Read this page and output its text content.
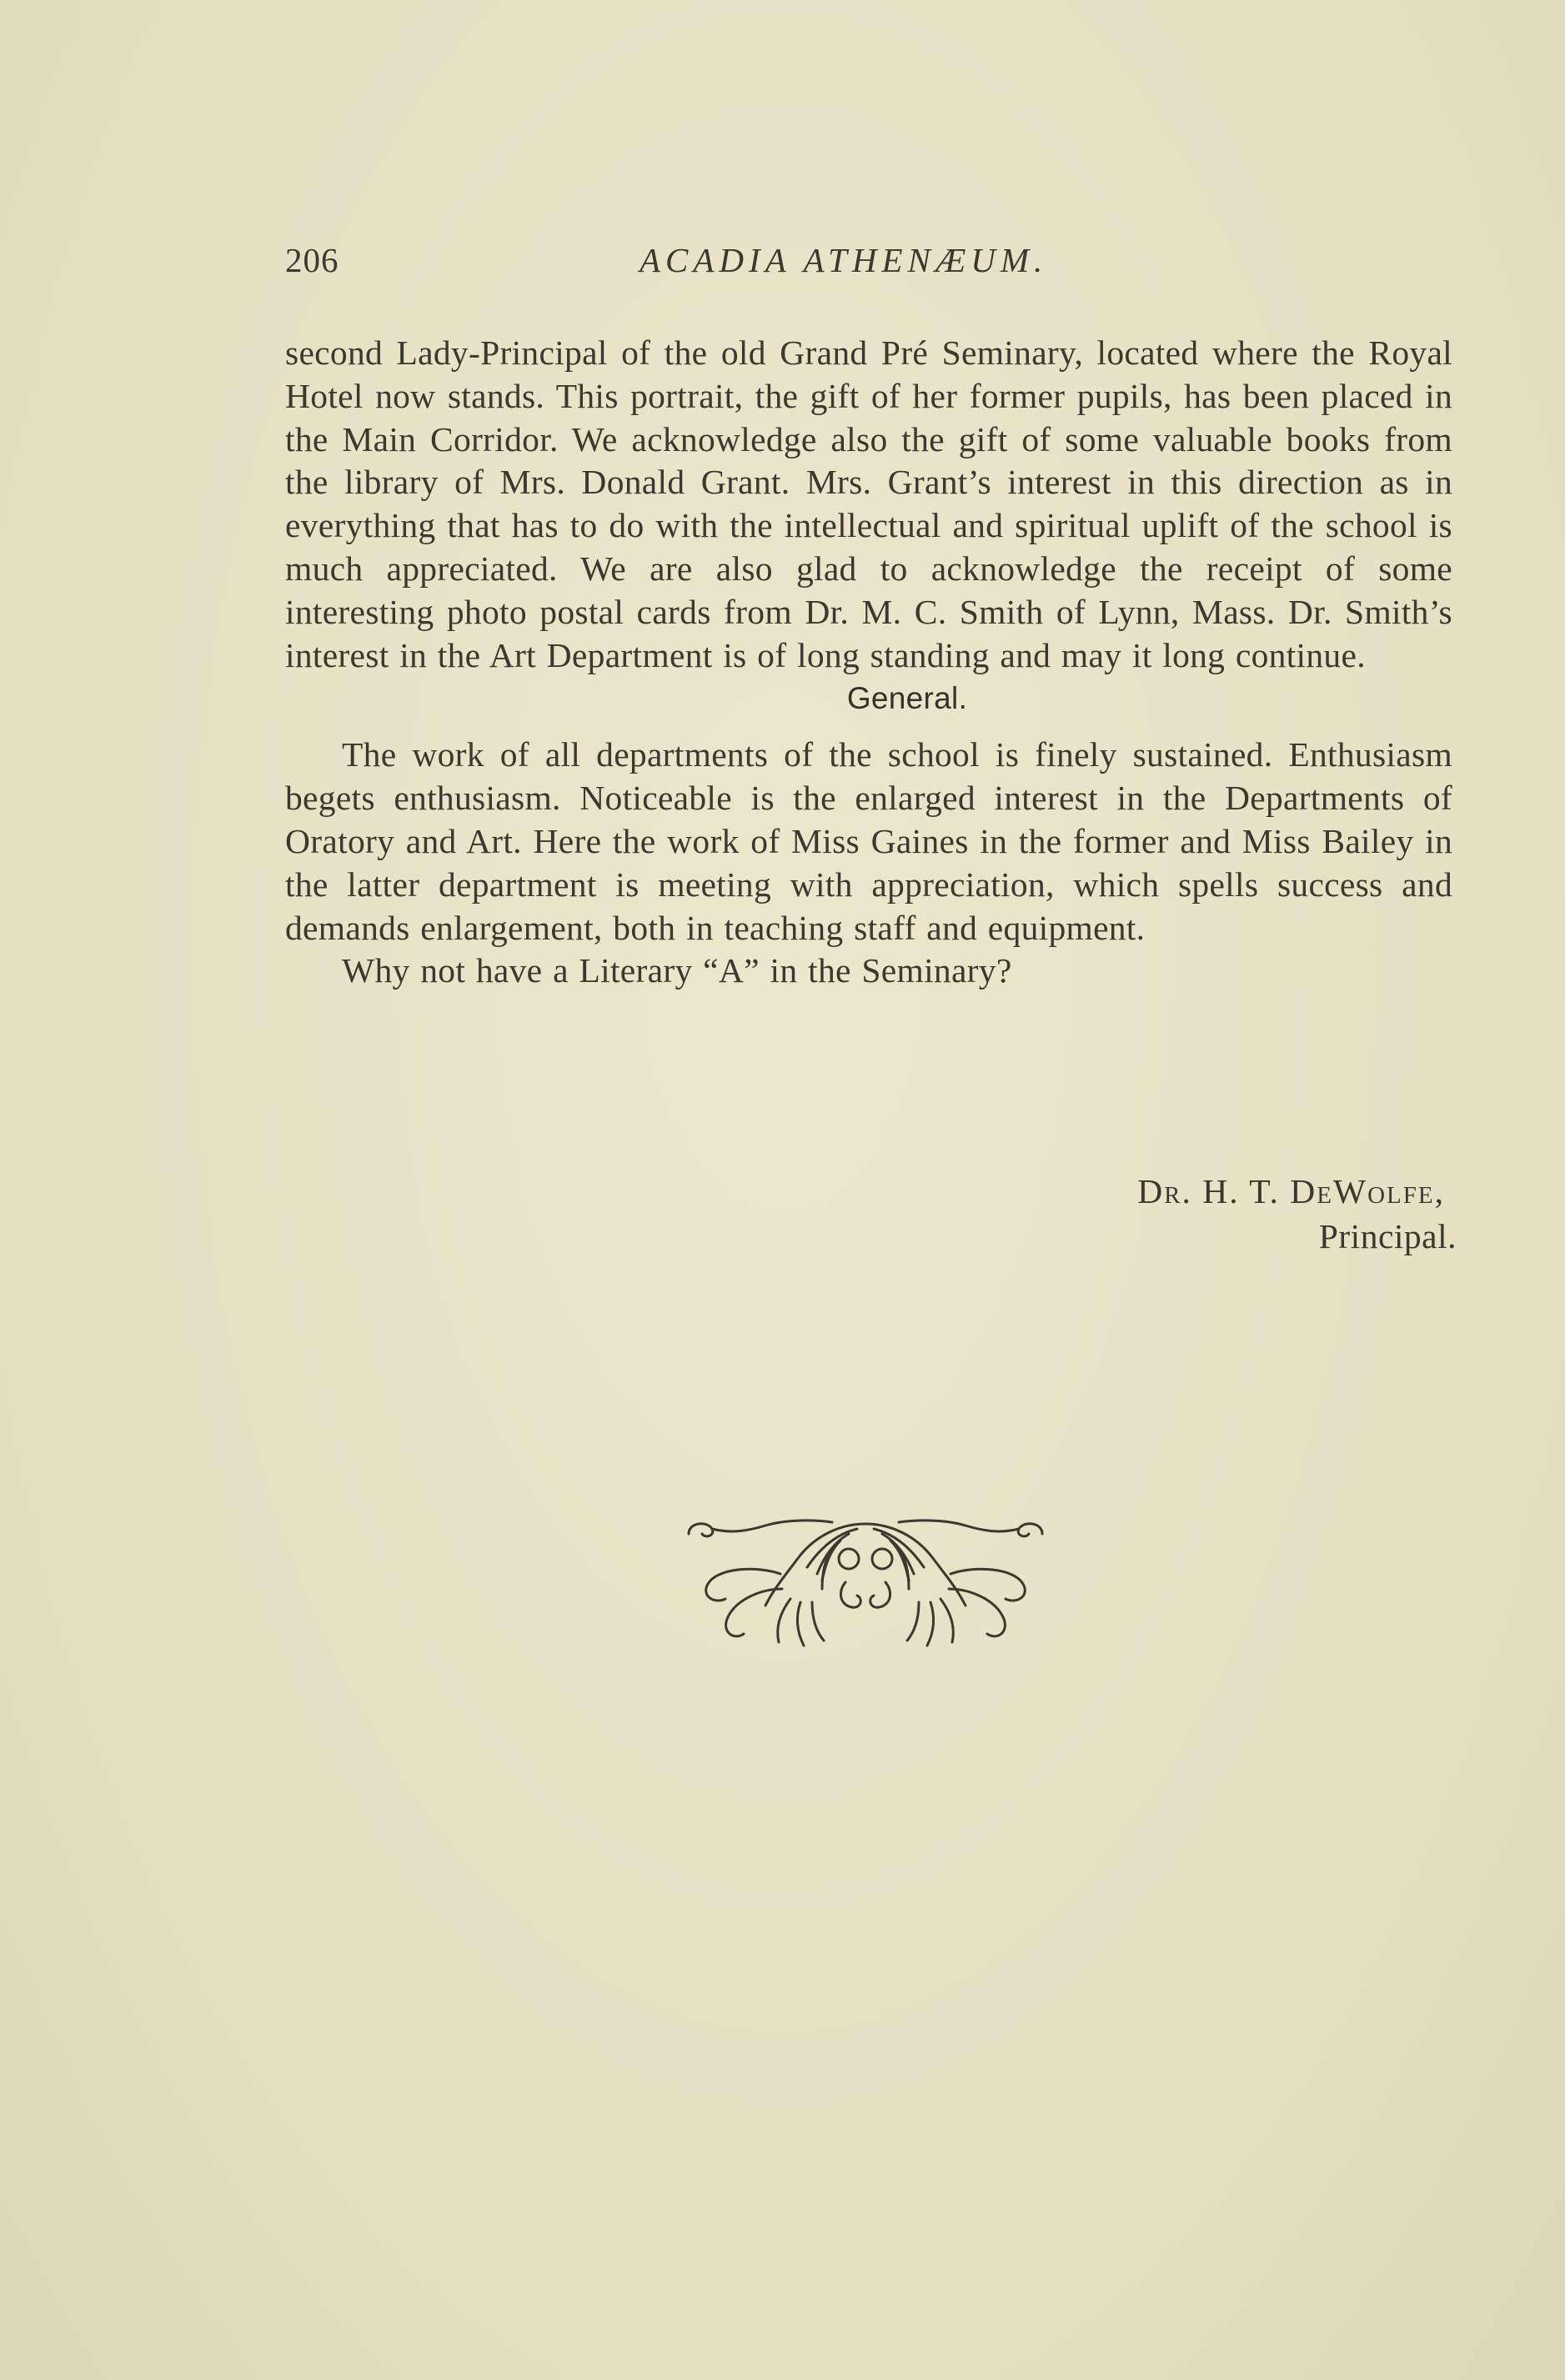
206	ACADIA ATHENÆUM.

second Lady-Principal of the old Grand Pré Seminary, located where the Royal Hotel now stands. This portrait, the gift of her former pupils, has been placed in the Main Corridor. We acknowledge also the gift of some valuable books from the library of Mrs. Donald Grant. Mrs. Grant’s interest in this direction as in everything that has to do with the intellectual and spiritual uplift of the school is much appreciated. We are also glad to acknowledge the receipt of some interesting photo postal cards from Dr. M. C. Smith of Lynn, Mass. Dr. Smith’s interest in the Art Department is of long standing and may it long continue.

General.

The work of all departments of the school is finely sustained. Enthusiasm begets enthusiasm. Noticeable is the enlarged interest in the Departments of Oratory and Art. Here the work of Miss Gaines in the former and Miss Bailey in the latter department is meeting with appreciation, which spells success and demands enlargement, both in teaching staff and equipment.

Why not have a Literary “A” in the Seminary?

Dr. H. T. DeWolfe,
Principal.
